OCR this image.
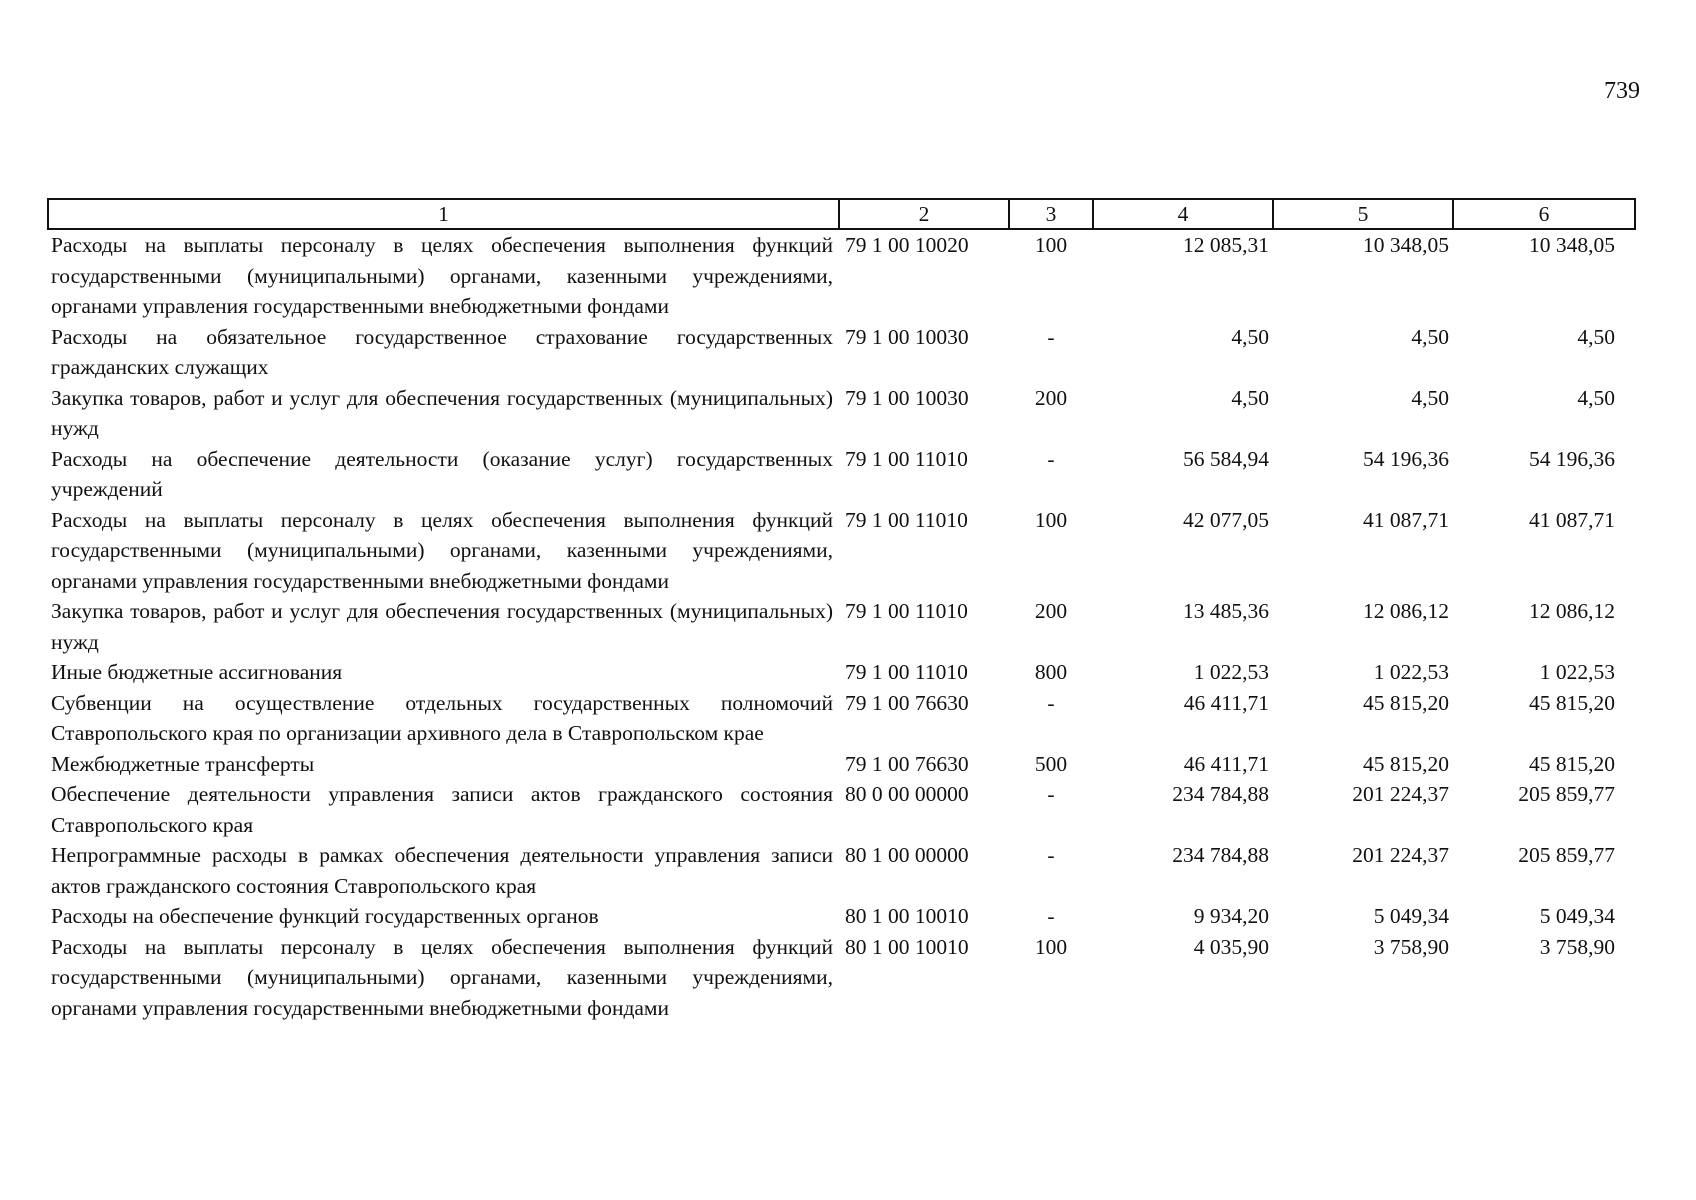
739
1	2	3	4	5	6
Расходы на выплаты персоналу в целях обеспечения выполнения функций государственными (муниципальными) органами, казенными учреждениями, органами управления государственными внебюджетными фондами	79 1 00 10020	100	12 085,31	10 348,05	10 348,05
Расходы на обязательное государственное страхование государственных гражданских служащих	79 1 00 10030	-	4,50	4,50	4,50
Закупка товаров, работ и услуг для обеспечения государственных (муниципальных) нужд	79 1 00 10030	200	4,50	4,50	4,50
Расходы на обеспечение деятельности (оказание услуг) государственных учреждений	79 1 00 11010	-	56 584,94	54 196,36	54 196,36
Расходы на выплаты персоналу в целях обеспечения выполнения функций государственными (муниципальными) органами, казенными учреждениями, органами управления государственными внебюджетными фондами	79 1 00 11010	100	42 077,05	41 087,71	41 087,71
Закупка товаров, работ и услуг для обеспечения государственных (муниципальных) нужд	79 1 00 11010	200	13 485,36	12 086,12	12 086,12
Иные бюджетные ассигнования	79 1 00 11010	800	1 022,53	1 022,53	1 022,53
Субвенции на осуществление отдельных государственных полномочий Ставропольского края по организации архивного дела в Ставропольском крае	79 1 00 76630	-	46 411,71	45 815,20	45 815,20
Межбюджетные трансферты	79 1 00 76630	500	46 411,71	45 815,20	45 815,20
Обеспечение деятельности управления записи актов гражданского состояния Ставропольского края	80 0 00 00000	-	234 784,88	201 224,37	205 859,77
Непрограммные расходы в рамках обеспечения деятельности управления записи актов гражданского состояния Ставропольского края	80 1 00 00000	-	234 784,88	201 224,37	205 859,77
Расходы на обеспечение функций государственных органов	80 1 00 10010	-	9 934,20	5 049,34	5 049,34
Расходы на выплаты персоналу в целях обеспечения выполнения функций государственными (муниципальными) органами, казенными учреждениями, органами управления государственными внебюджетными фондами	80 1 00 10010	100	4 035,90	3 758,90	3 758,90
